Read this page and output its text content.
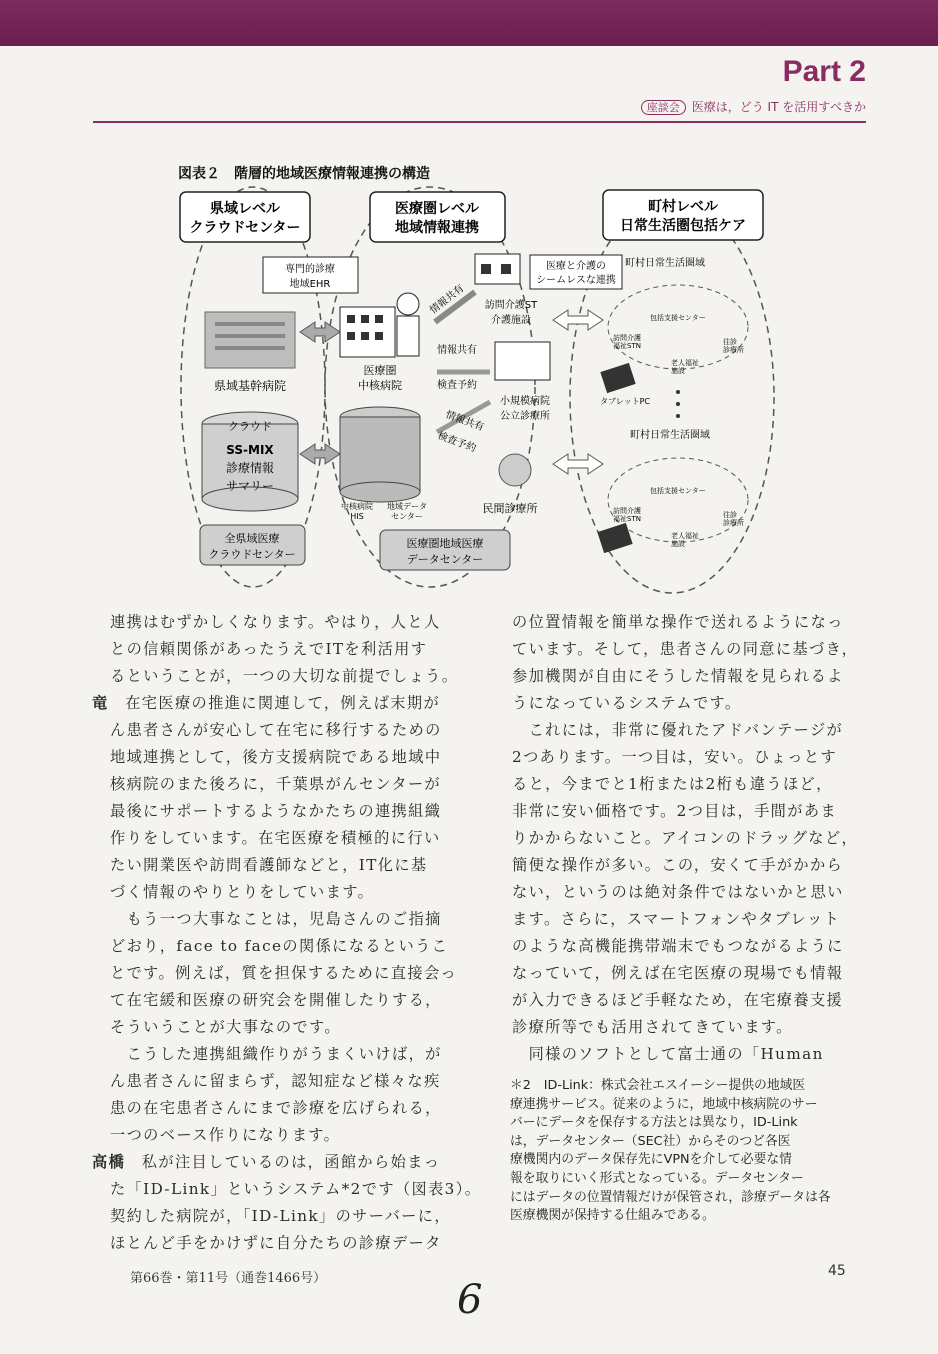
Part 2
座談会 医療は，どう IT を活用すべきか
図表２ 階層的地域医療情報連携の構造
県域レベル
クラウドセンター
医療圏レベル
地域情報連携
町村レベル
日常生活圏包括ケア
専門的診療
地域EHR
医療と介護の
シームレスな連携
町村日常生活圏域
県域基幹病院
医療圏
中核病院
情報共有
情報共有
検査予約
情報共有
検査予約
訪問介護ST
介護施設
小規模病院
公立診療所
民間診療所
クラウド
SS-MIX
診療情報
サマリー
中核病院
HIS
地域データ
センター
全県域医療
クラウドセンター
医療圏地域医療
データセンター
包括支援センター
訪問介護
福祉STN	往診
診療所
老人福祉
施設
タブレットPC
町村日常生活圏域
包括支援センター
訪問介護
福祉STN	往診
診療所
老人福祉
施設

連携はむずかしくなります。やはり，人と人

との信頼関係があったうえでITを利活用す

るということが，一つの大切な前提でしょう。

竜　 在宅医療の推進に関連して，例えば末期が

ん患者さんが安心して在宅に移行するための

地域連携として，後方支援病院である地域中

核病院のまた後ろに，千葉県がんセンターが

最後にサポートするようなかたちの連携組織

作りをしています。在宅医療を積極的に行い

たい開業医や訪問看護師などと，IT化に基

づく情報のやりとりをしています。

　もう一つ大事なことは，児島さんのご指摘

どおり，face to faceの関係になるというこ

とです。例えば，質を担保するために直接会っ

て在宅緩和医療の研究会を開催したりする，

そういうことが大事なのです。

　こうした連携組織作りがうまくいけば，が

ん患者さんに留まらず，認知症など様々な疾

患の在宅患者さんにまで診療を広げられる，

一つのベース作りになります。

高橋　 私が注目しているのは，函館から始まっ

た「ID-Link」というシステム*2です（図表3）。

契約した病院が，「ID-Link」のサーバーに，

ほとんど手をかけずに自分たちの診療データ

の位置情報を簡単な操作で送れるようになっ

ています。そして，患者さんの同意に基づき，

参加機関が自由にそうした情報を見られるよ

うになっているシステムです。

　これには，非常に優れたアドバンテージが

2つあります。一つ目は，安い。ひょっとす

ると，今までと1桁または2桁も違うほど，

非常に安い価格です。2つ目は，手間があま

りかからないこと。アイコンのドラッグなど，

簡便な操作が多い。この，安くて手がかから

ない，というのは絶対条件ではないかと思い

ます。さらに，スマートフォンやタブレット

のような高機能携帯端末でもつながるように

なっていて，例えば在宅医療の現場でも情報

が入力できるほど手軽なため，在宅療養支援

診療所等でも活用されてきています。

　同様のソフトとして富士通の「Human

＊2　ID-Link：株式会社エスイーシー提供の地域医

療連携サービス。従来のように，地域中核病院のサー

バーにデータを保存する方法とは異なり，ID-Link

は，データセンター（SEC社）からそのつど各医

療機関内のデータ保存先にVPNを介して必要な情

報を取りにいく形式となっている。データセンター

にはデータの位置情報だけが保管され，診療データは各

医療機関が保持する仕組みである。

第66巻・第11号（通巻1466号）	45
6
